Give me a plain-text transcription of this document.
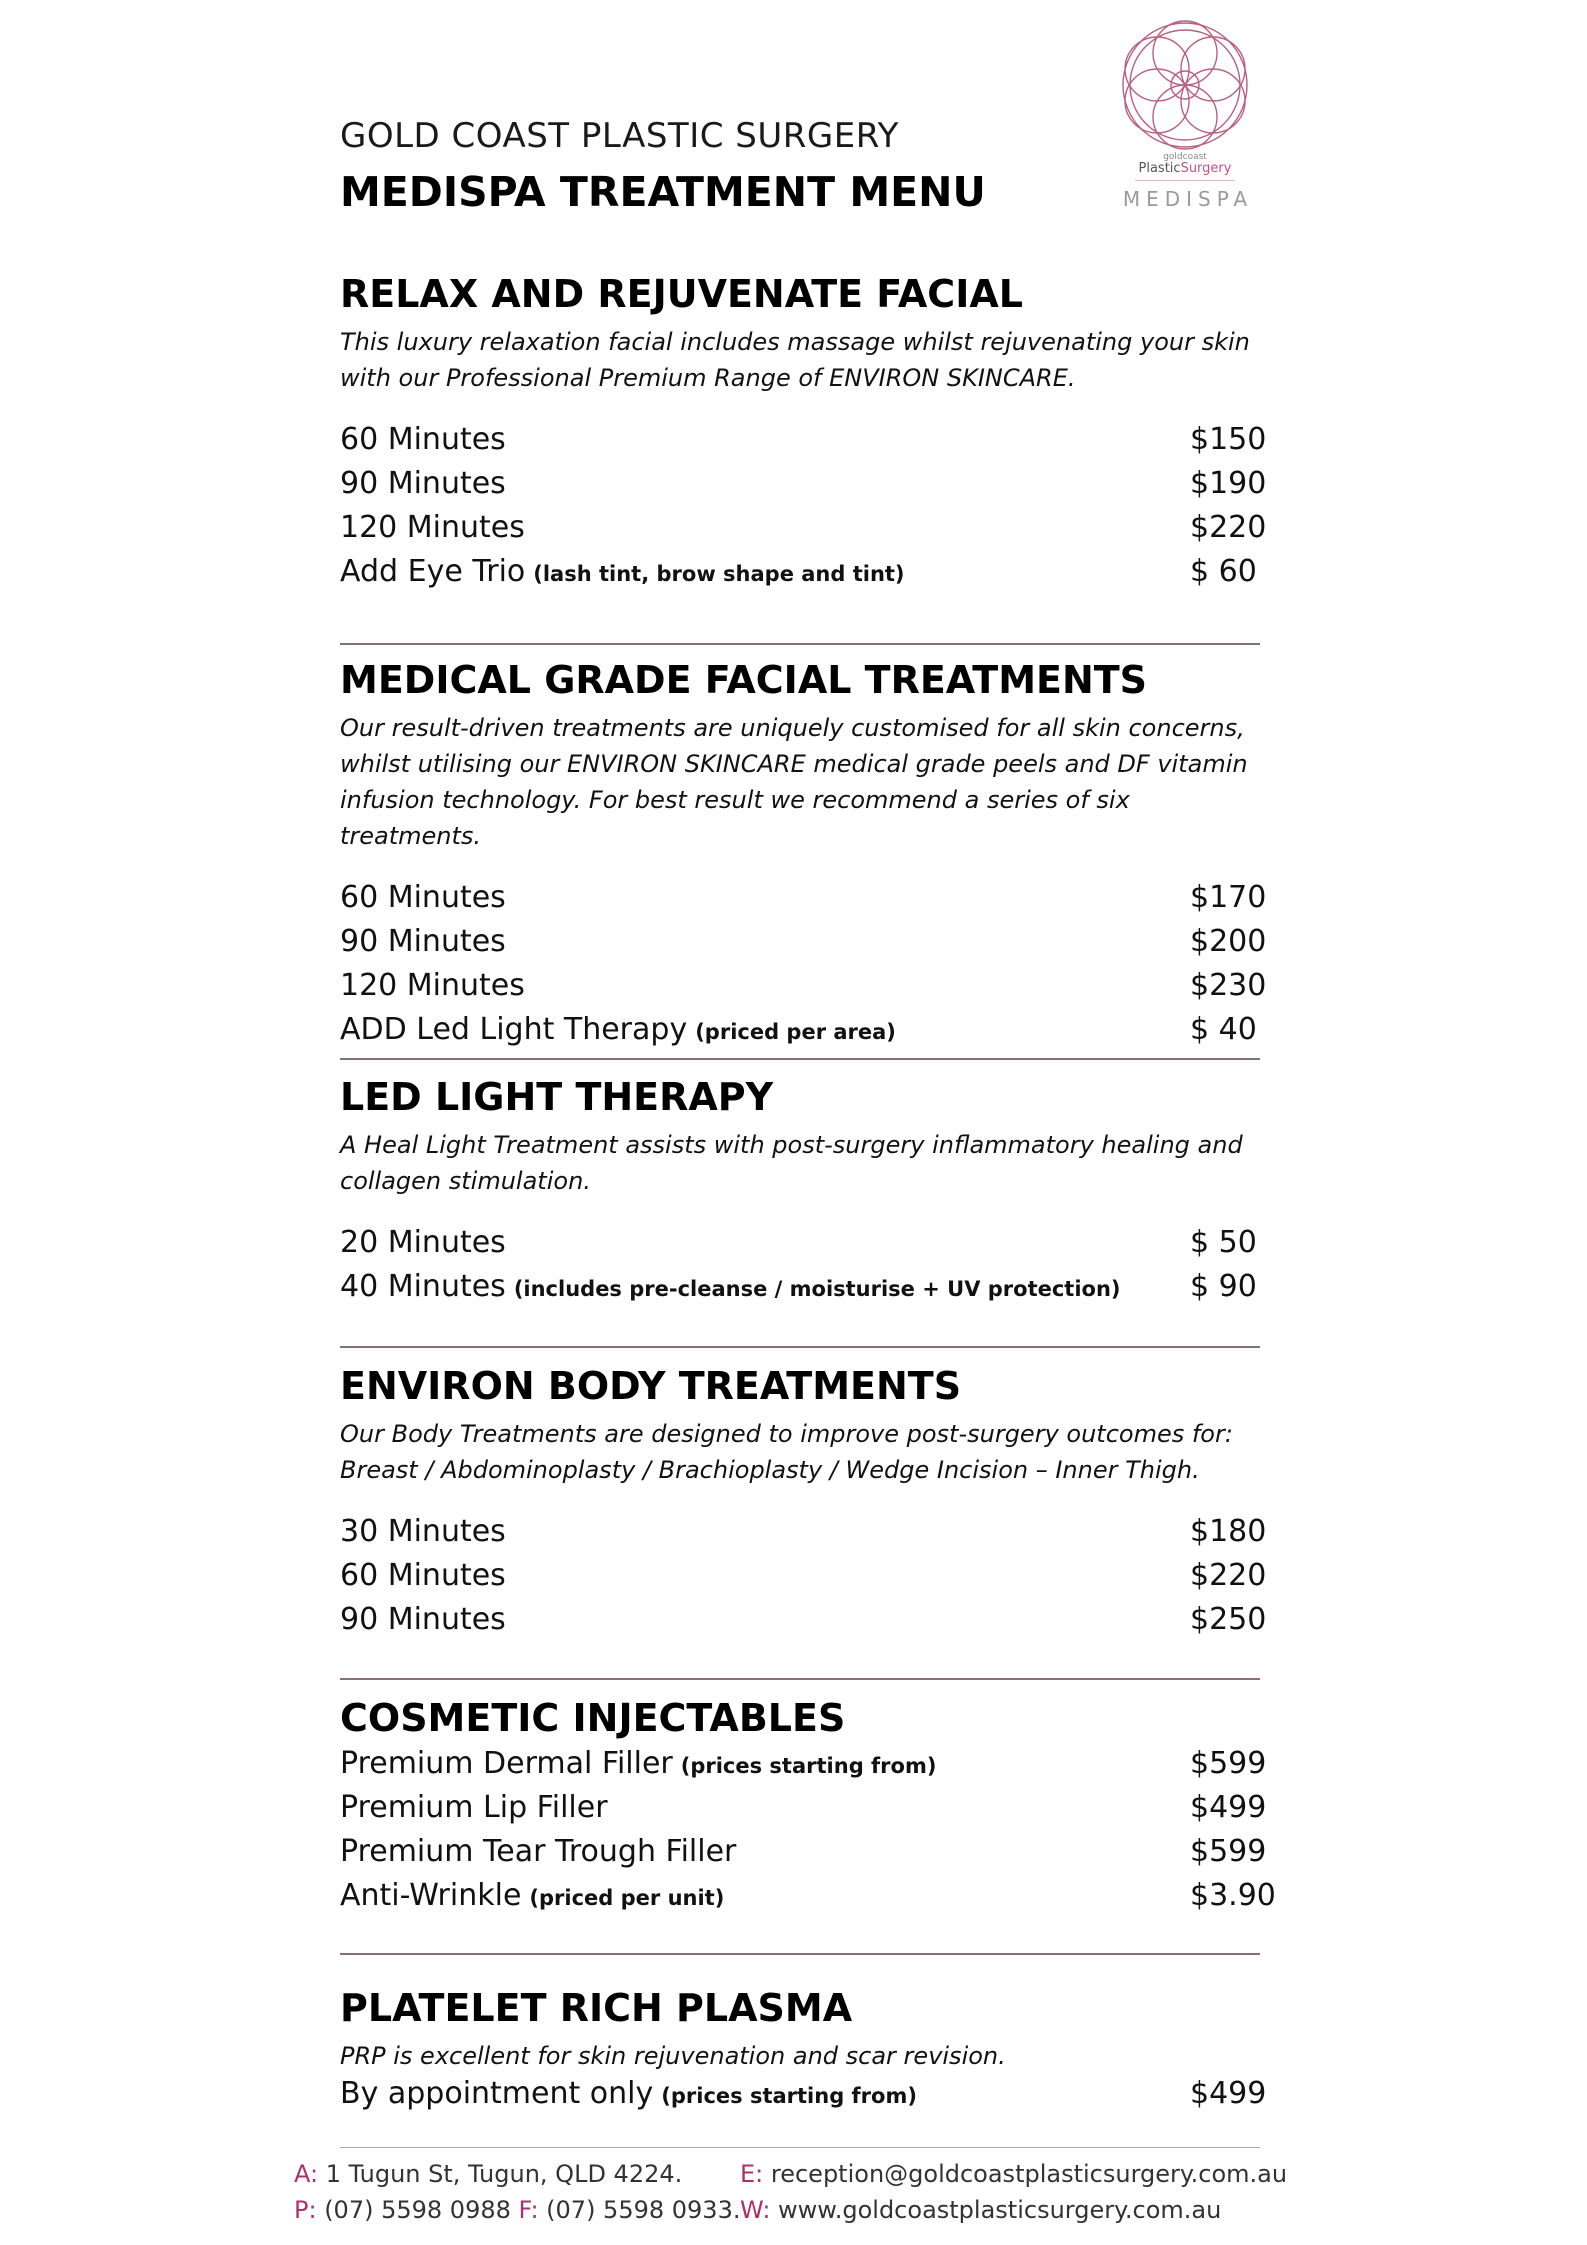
goldcoast
PlasticSurgery
MEDISPA
GOLD COAST PLASTIC SURGERY
MEDISPA TREATMENT MENU
RELAX AND REJUVENATE FACIAL

This luxury relaxation facial includes massage whilst rejuvenating your skin
with our Professional Premium Range of ENVIRON SKINCARE.

60 Minutes	$150
90 Minutes	$190
120 Minutes	$220
Add Eye Trio (lash tint, brow shape and tint)	$ 60
MEDICAL GRADE FACIAL TREATMENTS

Our result-driven treatments are uniquely customised for all skin concerns,
whilst utilising our ENVIRON SKINCARE medical grade peels and DF vitamin
infusion technology. For best result we recommend a series of six treatments.

60 Minutes	$170
90 Minutes	$200
120 Minutes	$230
ADD Led Light Therapy (priced per area)	$ 40
LED LIGHT THERAPY

A Heal Light Treatment assists with post-surgery inflammatory healing and
collagen stimulation.

20 Minutes	$ 50
40 Minutes (includes pre-cleanse / moisturise + UV protection) $ 90
ENVIRON BODY TREATMENTS

Our Body Treatments are designed to improve post-surgery outcomes for:
Breast / Abdominoplasty / Brachioplasty / Wedge Incision – Inner Thigh.

30 Minutes	$180
60 Minutes	$220
90 Minutes	$250
COSMETIC INJECTABLES
Premium Dermal Filler (prices starting from)	$599
Premium Lip Filler	$499
Premium Tear Trough Filler	$599
Anti-Wrinkle (priced per unit)	$3.90
PLATELET RICH PLASMA

PRP is excellent for skin rejuvenation and scar revision.

By appointment only (prices starting from)	$499
A: 1 Tugun St, Tugun, QLD 4224.
P: (07) 5598 0988 F: (07) 5598 0933.
E: reception@goldcoastplasticsurgery.com.au
W: www.goldcoastplasticsurgery.com.au
